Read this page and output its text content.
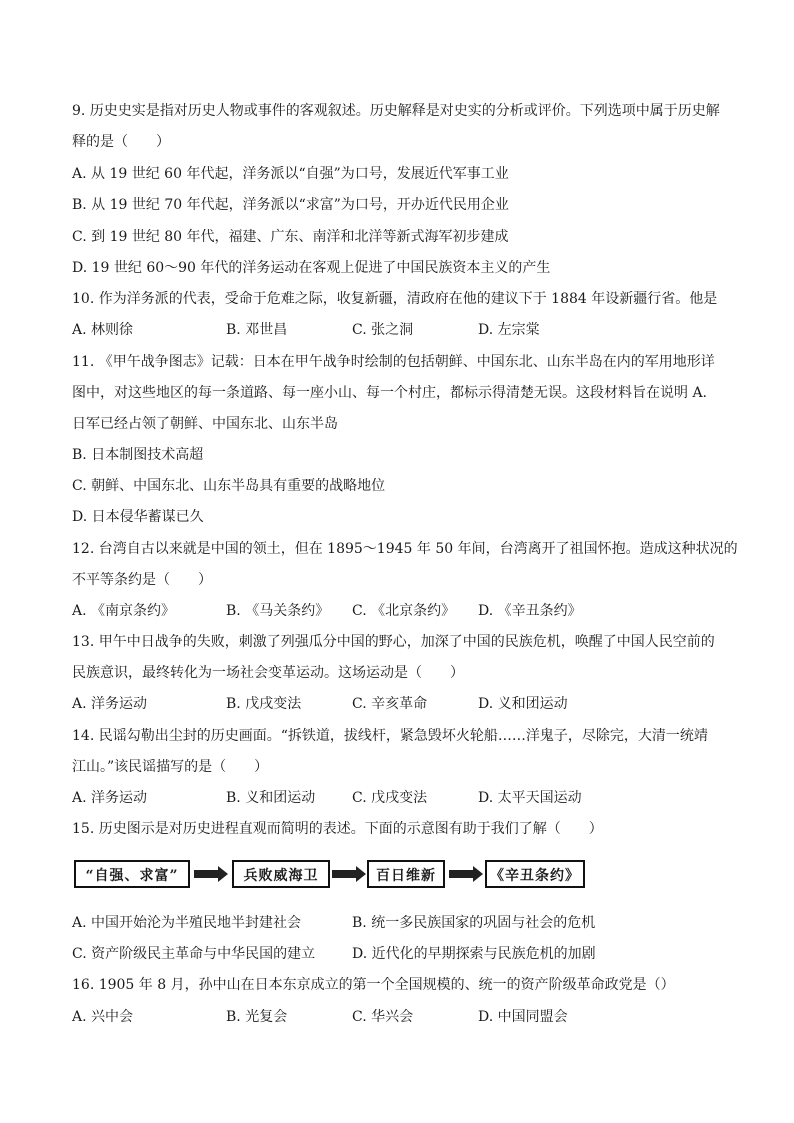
9. 历史史实是指对历史人物或事件的客观叙述。历史解释是对史实的分析或评价。下列选项中属于历史解
释的是（　　）
A. 从 19 世纪 60 年代起，洋务派以“自强”为口号，发展近代军事工业
B. 从 19 世纪 70 年代起，洋务派以“求富”为口号，开办近代民用企业
C. 到 19 世纪 80 年代，福建、广东、南洋和北洋等新式海军初步建成
D. 19 世纪 60～90 年代的洋务运动在客观上促进了中国民族资本主义的产生
10. 作为洋务派的代表，受命于危难之际，收复新疆，清政府在他的建议下于 1884 年设新疆行省。他是
A. 林则徐	B. 邓世昌	C. 张之洞	D. 左宗棠
11. 《甲午战争图志》记载：日本在甲午战争时绘制的包括朝鲜、中国东北、山东半岛在内的军用地形详
图中，对这些地区的每一条道路、每一座小山、每一个村庄，都标示得清楚无误。这段材料旨在说明 A.
日军已经占领了朝鲜、中国东北、山东半岛
B. 日本制图技术高超
C. 朝鲜、中国东北、山东半岛具有重要的战略地位
D. 日本侵华蓄谋已久
12. 台湾自古以来就是中国的领土，但在 1895～1945 年 50 年间，台湾离开了祖国怀抱。造成这种状况的
不平等条约是（　　）
A. 《南京条约》	B. 《马关条约》 C. 《北京条约》 D. 《辛丑条约》
13. 甲午中日战争的失败，刺激了列强瓜分中国的野心，加深了中国的民族危机，唤醒了中国人民空前的
民族意识，最终转化为一场社会变革运动。这场运动是（　　）
A. 洋务运动	B. 戊戌变法	C. 辛亥革命	D. 义和团运动
14. 民谣勾勒出尘封的历史画面。“拆铁道，拔线杆，紧急毁坏火轮船……洋鬼子，尽除完，大清一统靖
江山。”该民谣描写的是（　　）
A. 洋务运动	B. 义和团运动	C. 戊戌变法	D. 太平天国运动
15. 历史图示是对历史进程直观而简明的表述。下面的示意图有助于我们了解（　　）
“自强、求富”	兵败威海卫	百日维新	《辛丑条约》
A. 中国开始沦为半殖民地半封建社会	B. 统一多民族国家的巩固与社会的危机
C. 资产阶级民主革命与中华民国的建立	D. 近代化的早期探索与民族危机的加剧
16. 1905 年 8 月，孙中山在日本东京成立的第一个全国规模的、统一的资产阶级革命政党是（）
A. 兴中会	B. 光复会	C. 华兴会	D. 中国同盟会
